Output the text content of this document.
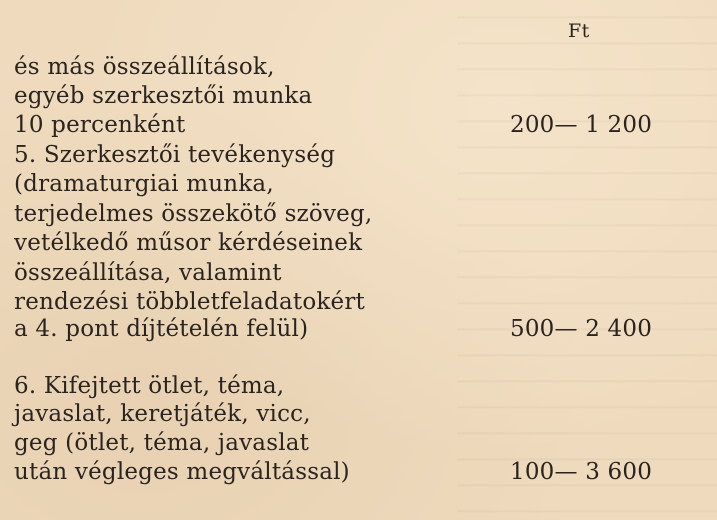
Ft
és más összeállítások,
egyéb szerkesztői munka
10 percenként	200— 1 200
5. Szerkesztői tevékenység
(dramaturgiai munka,
terjedelmes összekötő szöveg,
vetélkedő műsor kérdéseinek
összeállítása, valamint
rendezési többletfeladatokért
a 4. pont díjtételén felül)	500— 2 400
6. Kifejtett ötlet, téma,
javaslat, keretjáték, vicc,
geg (ötlet, téma, javaslat
után végleges megváltással)	100— 3 600
